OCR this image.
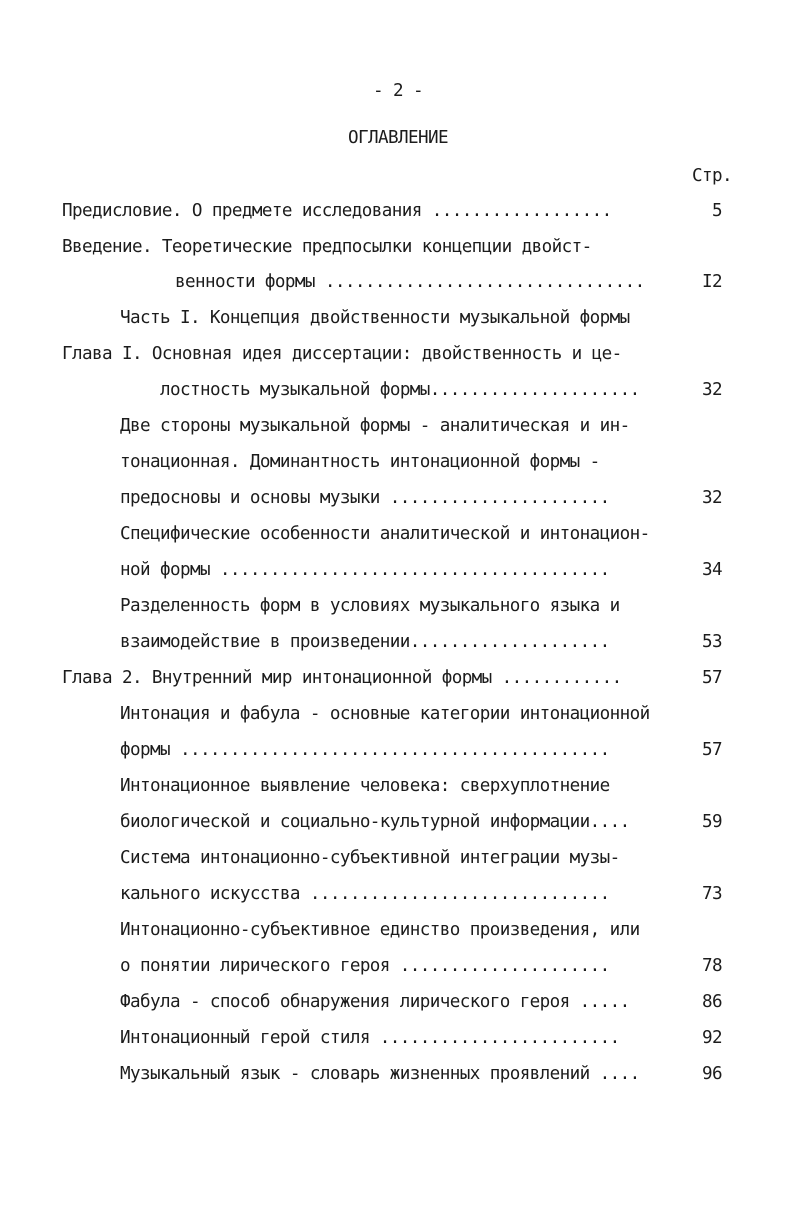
- 2 -
ОГЛАВЛЕНИЕ
Стр.
Предисловие. О предмете исследования ..................	5
Введение. Теоретические предпосылки концепции двойст-
венности формы ................................	I2
Часть I. Концепция двойственности музыкальной формы
Глава I. Основная идея диссертации: двойственность и це-
лостность музыкальной формы.....................	32
Две стороны музыкальной формы - аналитическая и ин-
тонационная. Доминантность интонационной формы -
предосновы и основы музыки ......................	32
Специфические особенности аналитической и интонацион-
ной формы .......................................	34
Разделенность форм в условиях музыкального языка и
взаимодействие в произведении....................	53
Глава 2. Внутренний мир интонационной формы ............	57
Интонация и фабула - основные категории интонационной
формы ...........................................	57
Интонационное выявление человека: сверхуплотнение
биологической и социально-культурной информации....	59
Система интонационно-субъективной интеграции музы-
кального искусства ..............................	73
Интонационно-субъективное единство произведения, или
о понятии лирического героя .....................	78
Фабула - способ обнаружения лирического героя .....	86
Интонационный герой стиля ........................	92
Музыкальный язык - словарь жизненных проявлений ....	96
